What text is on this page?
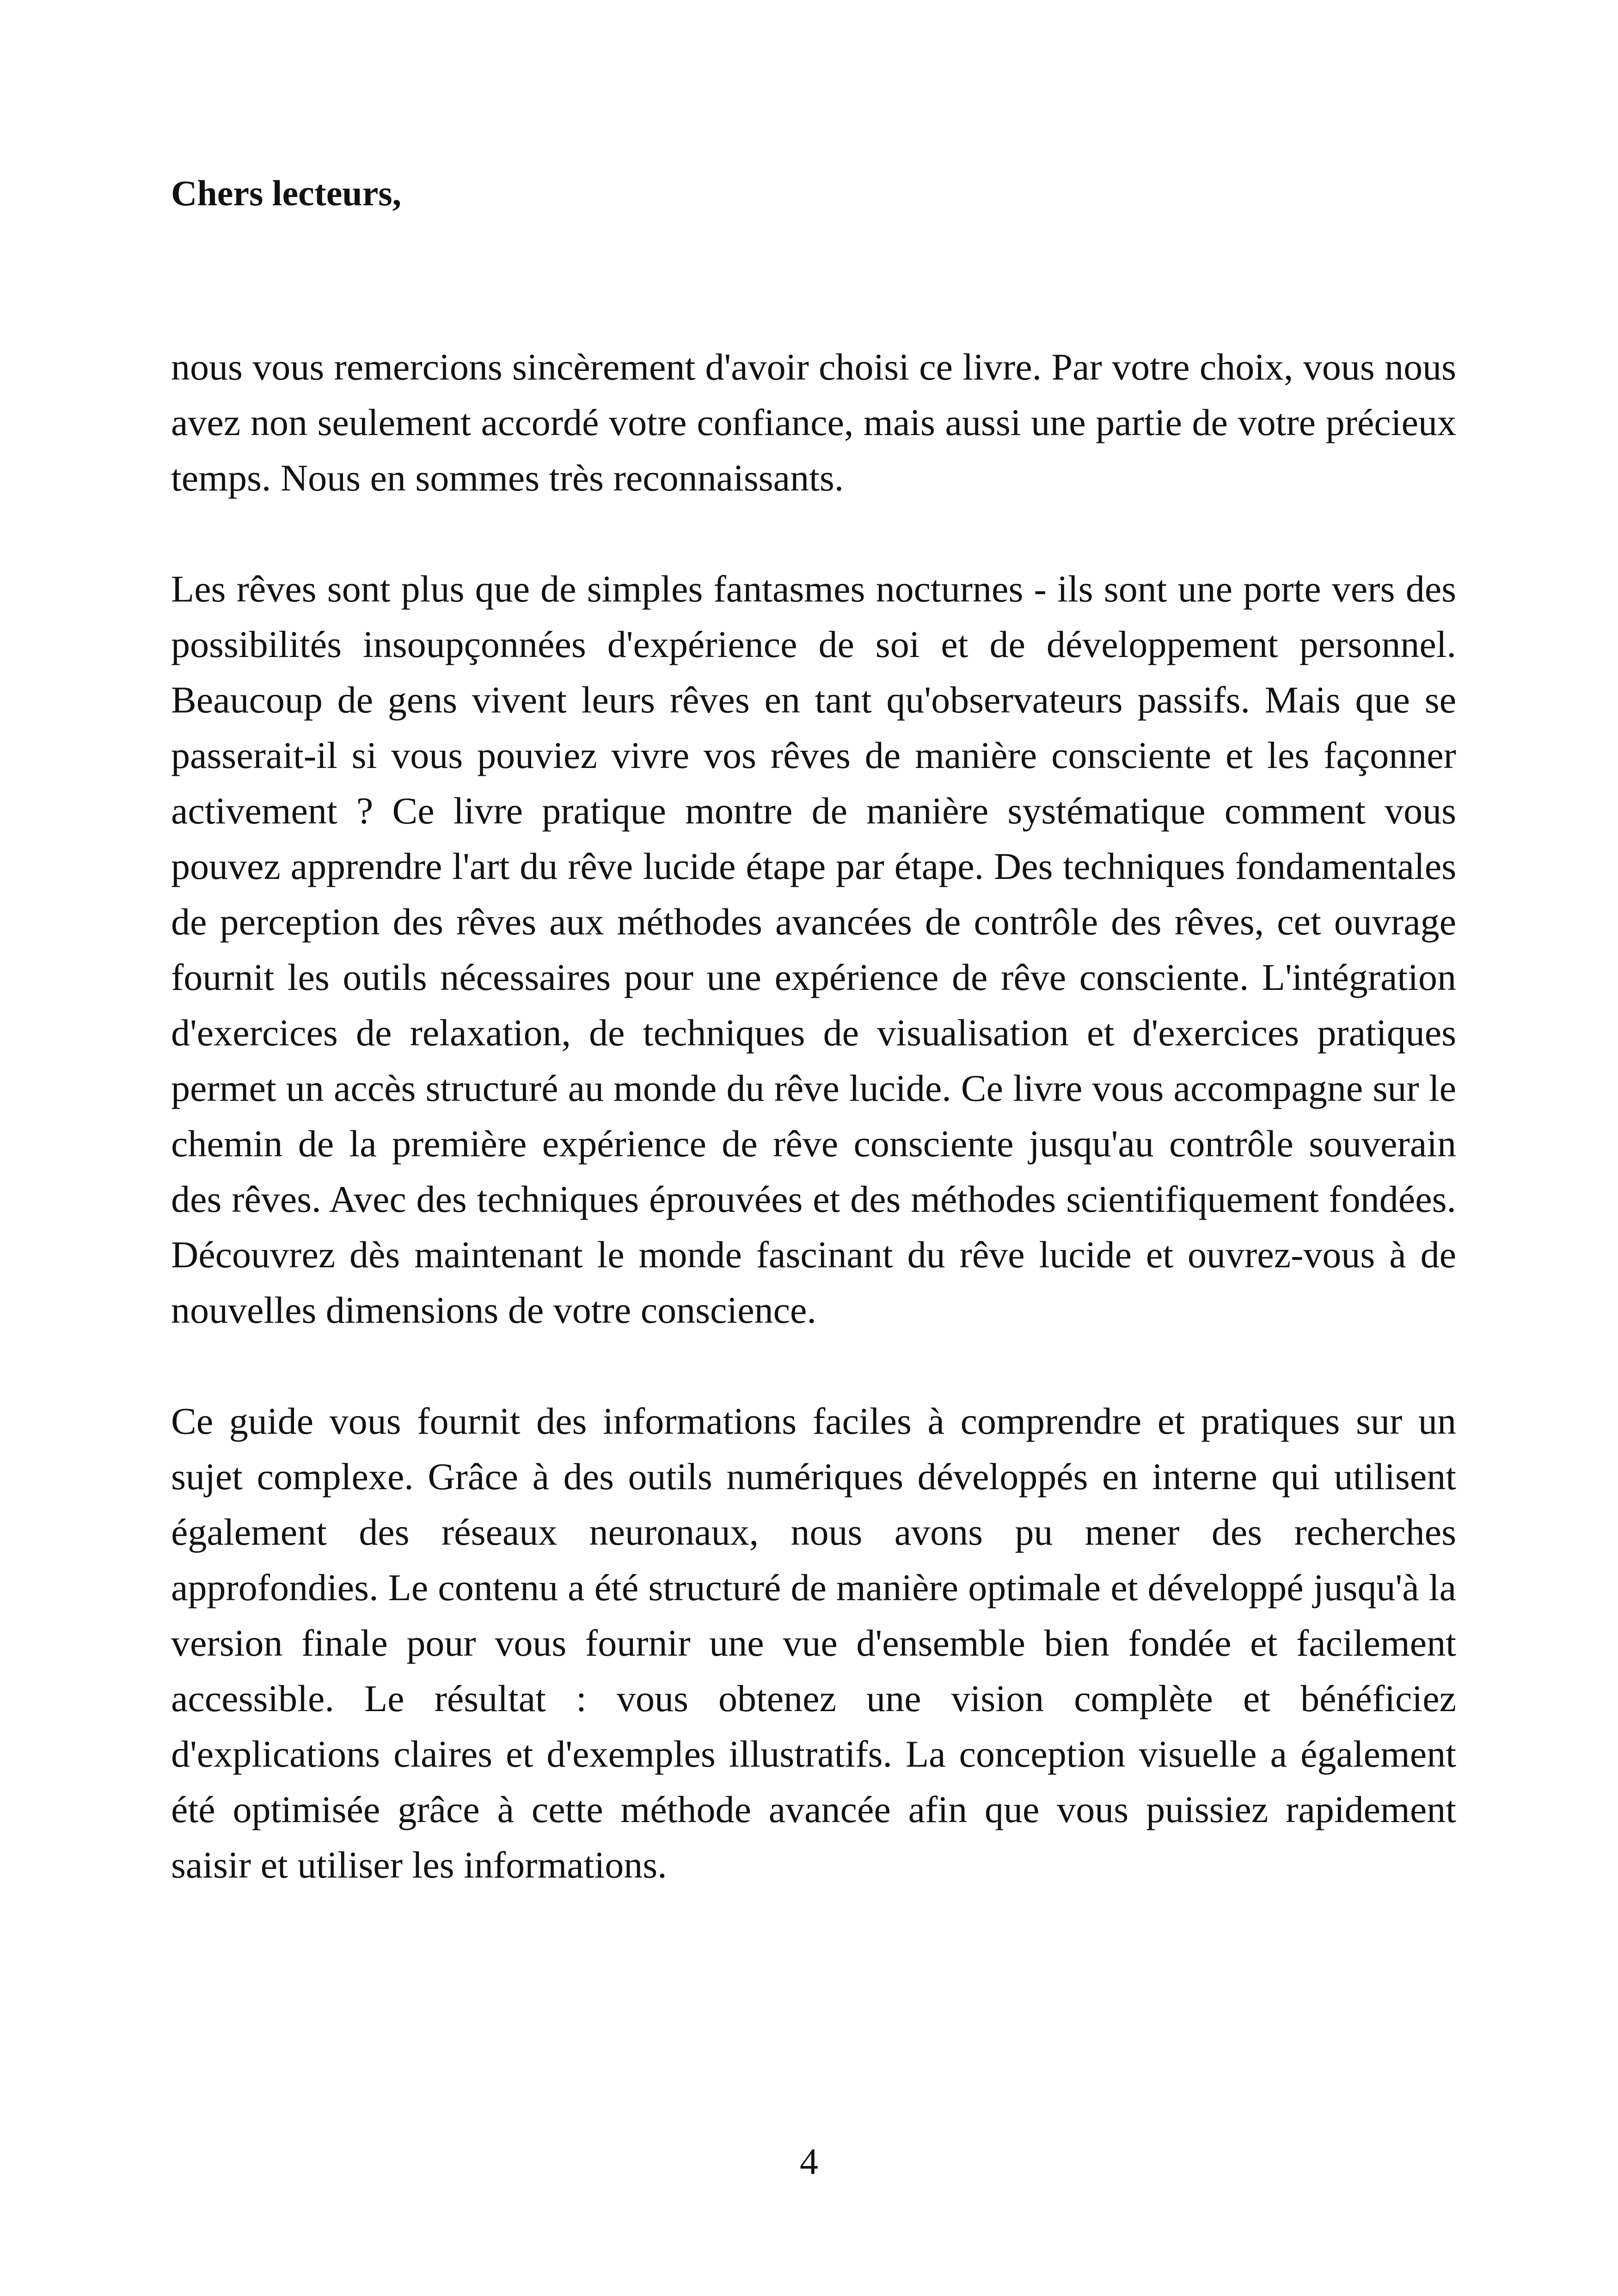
Chers lecteurs,

nous vous remercions sincèrement d'avoir choisi ce livre. Par votre choix, vous nous avez non seulement accordé votre confiance, mais aussi une partie de votre précieux temps. Nous en sommes très reconnaissants.

Les rêves sont plus que de simples fantasmes nocturnes - ils sont une porte vers des possibilités insoupçonnées d'expérience de soi et de développement personnel. Beaucoup de gens vivent leurs rêves en tant qu'observateurs passifs. Mais que se passerait-il si vous pouviez vivre vos rêves de manière consciente et les façonner activement ? Ce livre pratique montre de manière systématique comment vous pouvez apprendre l'art du rêve lucide étape par étape. Des techniques fondamentales de perception des rêves aux méthodes avancées de contrôle des rêves, cet ouvrage fournit les outils nécessaires pour une expérience de rêve consciente. L'intégration d'exercices de relaxation, de techniques de visualisation et d'exercices pratiques permet un accès structuré au monde du rêve lucide. Ce livre vous accompagne sur le chemin de la première expérience de rêve consciente jusqu'au contrôle souverain des rêves. Avec des techniques éprouvées et des méthodes scientifiquement fondées. Découvrez dès maintenant le monde fascinant du rêve lucide et ouvrez-vous à de nouvelles dimensions de votre conscience.

Ce guide vous fournit des informations faciles à comprendre et pratiques sur un sujet complexe. Grâce à des outils numériques développés en interne qui utilisent également des réseaux neuronaux, nous avons pu mener des recherches approfondies. Le contenu a été structuré de manière optimale et développé jusqu'à la version finale pour vous fournir une vue d'ensemble bien fondée et facilement accessible. Le résultat : vous obtenez une vision complète et bénéficiez d'explications claires et d'exemples illustratifs. La conception visuelle a également été optimisée grâce à cette méthode avancée afin que vous puissiez rapidement saisir et utiliser les informations.

4
